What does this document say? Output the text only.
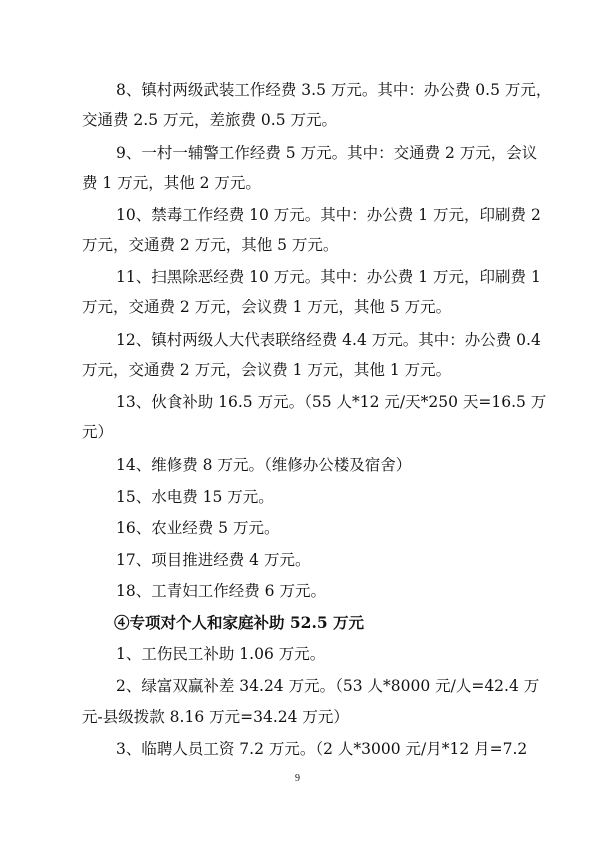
8、镇村两级武装工作经费 3.5 万元。其中：办公费 0.5 万元，
交通费 2.5 万元，差旅费 0.5 万元。
9、一村一辅警工作经费 5 万元。其中：交通费 2 万元，会议
费 1 万元，其他 2 万元。
10、禁毒工作经费 10 万元。其中：办公费 1 万元，印刷费 2
万元，交通费 2 万元，其他 5 万元。
11、扫黑除恶经费 10 万元。其中：办公费 1 万元，印刷费 1
万元，交通费 2 万元，会议费 1 万元，其他 5 万元。
12、镇村两级人大代表联络经费 4.4 万元。其中：办公费 0.4
万元，交通费 2 万元，会议费 1 万元，其他 1 万元。
13、伙食补助 16.5 万元。（55 人*12 元/天*250 天=16.5 万
元）
14、维修费 8 万元。（维修办公楼及宿舍）
15、水电费 15 万元。
16、农业经费 5 万元。
17、项目推进经费 4 万元。
18、工青妇工作经费 6 万元。
④专项对个人和家庭补助 52.5 万元
1、工伤民工补助 1.06 万元。
2、绿富双赢补差 34.24 万元。（53 人*8000 元/人=42.4 万
元-县级拨款 8.16 万元=34.24 万元）
3、临聘人员工资 7.2 万元。（2 人*3000 元/月*12 月=7.2
9
